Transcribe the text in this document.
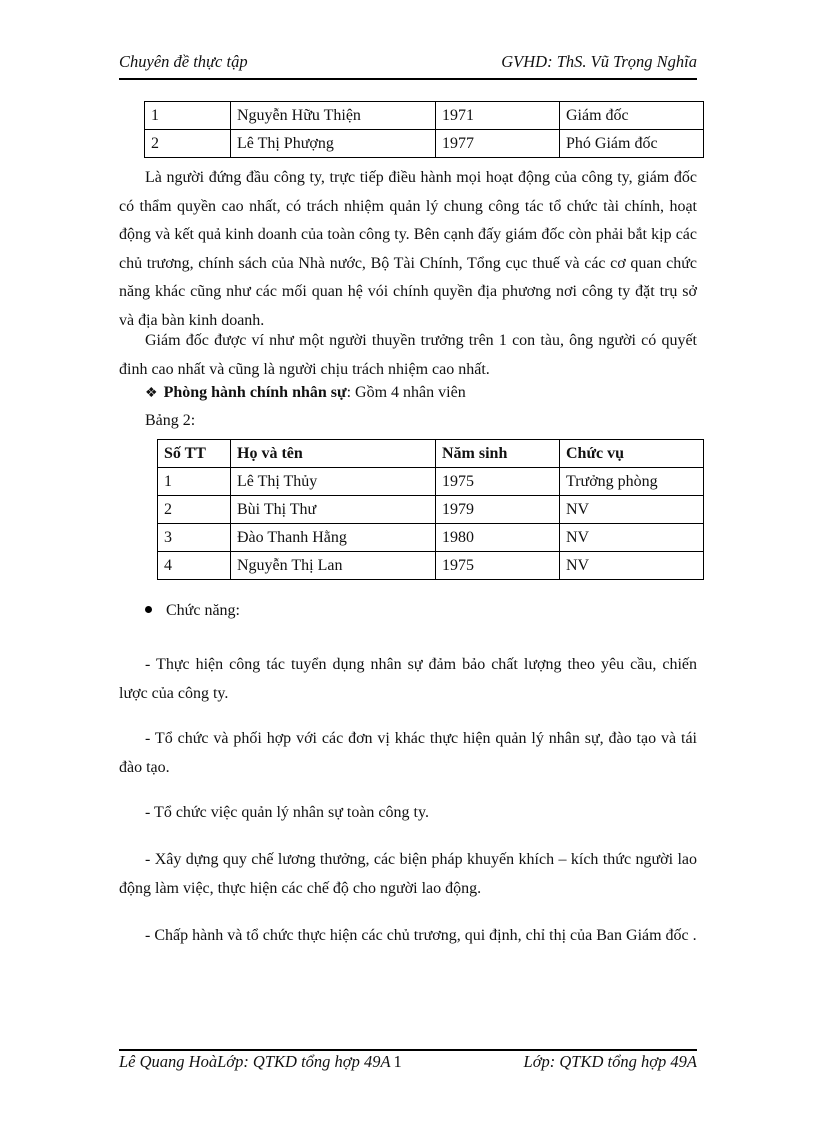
Chuyên đề thực tập	GVHD: ThS. Vũ Trọng Nghĩa
1	Nguyễn Hữu Thiện	1971	Giám đốc
2	Lê Thị Phượng	1977	Phó Giám đốc

Là người đứng đầu công ty, trực tiếp điều hành mọi hoạt động của công ty, giám đốc có thẩm quyền cao nhất, có trách nhiệm quản lý chung công tác tổ chức tài chính, hoạt động và kết quả kinh doanh của toàn công ty. Bên cạnh đấy giám đốc còn phải bắt kịp các chủ trương, chính sách của Nhà nước, Bộ Tài Chính, Tổng cục thuế và các cơ quan chức năng khác cũng như các mối quan hệ vói chính quyền địa phương nơi công ty đặt trụ sở và địa bàn kinh doanh.

Giám đốc được ví như một người thuyền trưởng trên 1 con tàu, ông người có quyết đinh cao nhất và cũng là người chịu trách nhiệm cao nhất.

❖ Phòng hành chính nhân sự: Gồm 4 nhân viên
Bảng 2:
Số TT	Họ và tên	Năm sinh	Chức vụ
1	Lê Thị Thủy	1975	Trưởng phòng
2	Bùi Thị Thư	1979	NV
3	Đào Thanh Hằng	1980	NV
4	Nguyễn Thị Lan	1975	NV
Chức năng:

- Thực hiện công tác tuyển dụng nhân sự đảm bảo chất lượng theo yêu cầu, chiến lược của công ty.

- Tổ chức và phối hợp với các đơn vị khác thực hiện quản lý nhân sự, đào tạo và tái đào tạo.

- Tổ chức việc quản lý nhân sự toàn công ty.

- Xây dựng quy chế lương thưởng, các biện pháp khuyến khích – kích thức người lao động làm việc, thực hiện các chế độ cho người lao động.

- Chấp hành và tổ chức thực hiện các chủ trương, qui định, chỉ thị của Ban Giám đốc .

Lê Quang HoàLớp: QTKD tổng hợp 49A 1	Lớp: QTKD tổng hợp 49A
